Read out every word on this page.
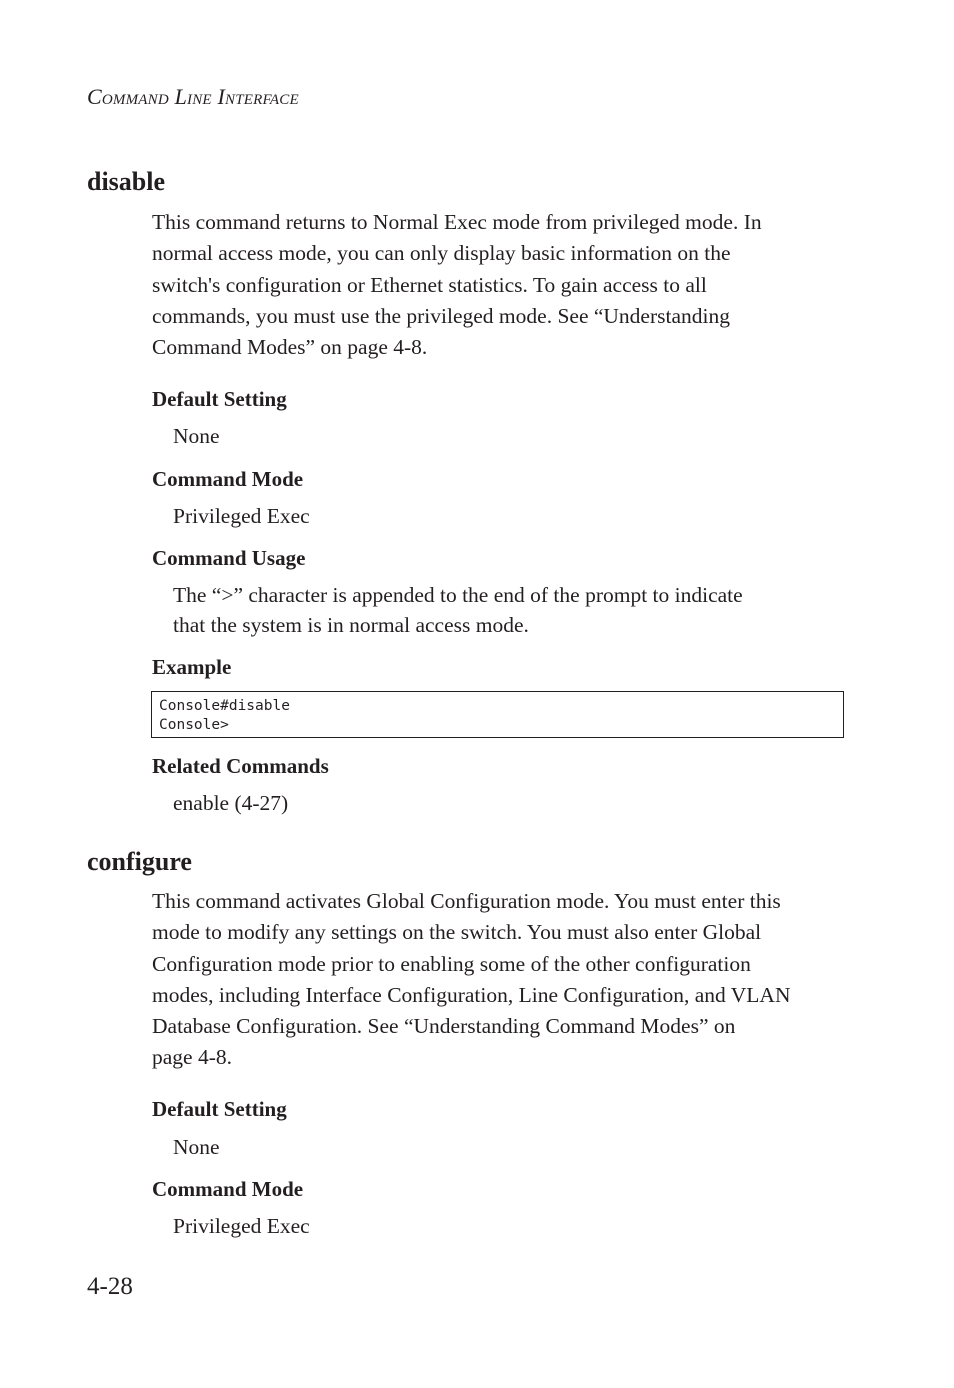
Command Line Interface
disable
This command returns to Normal Exec mode from privileged mode. In
normal access mode, you can only display basic information on the
switch's configuration or Ethernet statistics. To gain access to all
commands, you must use the privileged mode. See “Understanding
Command Modes” on page 4-8.
Default Setting
None
Command Mode
Privileged Exec
Command Usage
The “>” character is appended to the end of the prompt to indicate
that the system is in normal access mode.
Example
Console#disable
Console>
Related Commands
enable (4-27)
configure
This command activates Global Configuration mode. You must enter this
mode to modify any settings on the switch. You must also enter Global
Configuration mode prior to enabling some of the other configuration
modes, including Interface Configuration, Line Configuration, and VLAN
Database Configuration. See “Understanding Command Modes” on
page 4-8.
Default Setting
None
Command Mode
Privileged Exec
4-28
